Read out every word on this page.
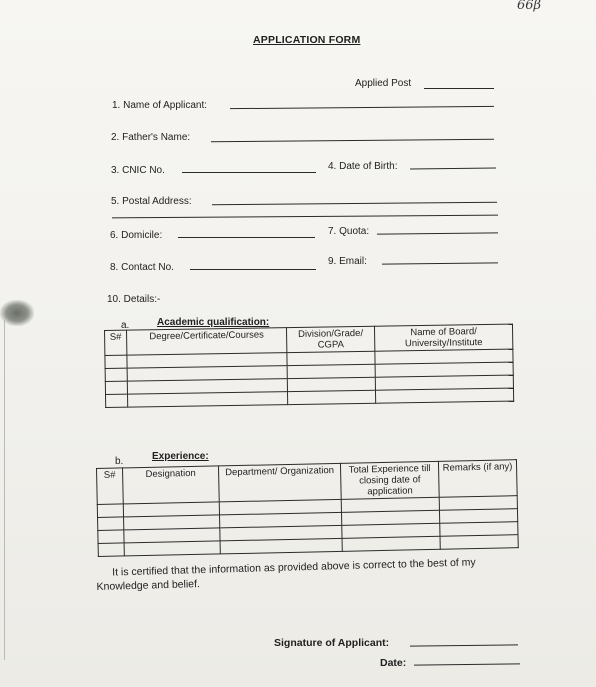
66β
APPLICATION FORM
Applied Post
1. Name of Applicant:
2. Father's Name:
3. CNIC No.	4. Date of Birth:
5. Postal Address:
6. Domicile:	7. Quota:
8. Contact No.
9. Email:
10. Details:-
a.	Academic qualification:
S#	Degree/Certificate/Courses	Division/Grade/ CGPA	Name of Board/ University/Institute

b.	Experience:
S#	Designation	Department/ Organization	Total Experience till closing date of application	Remarks (if any)

It is certified that the information as provided above is correct to the best of my Knowledge and belief.
Signature of Applicant:
Date:
